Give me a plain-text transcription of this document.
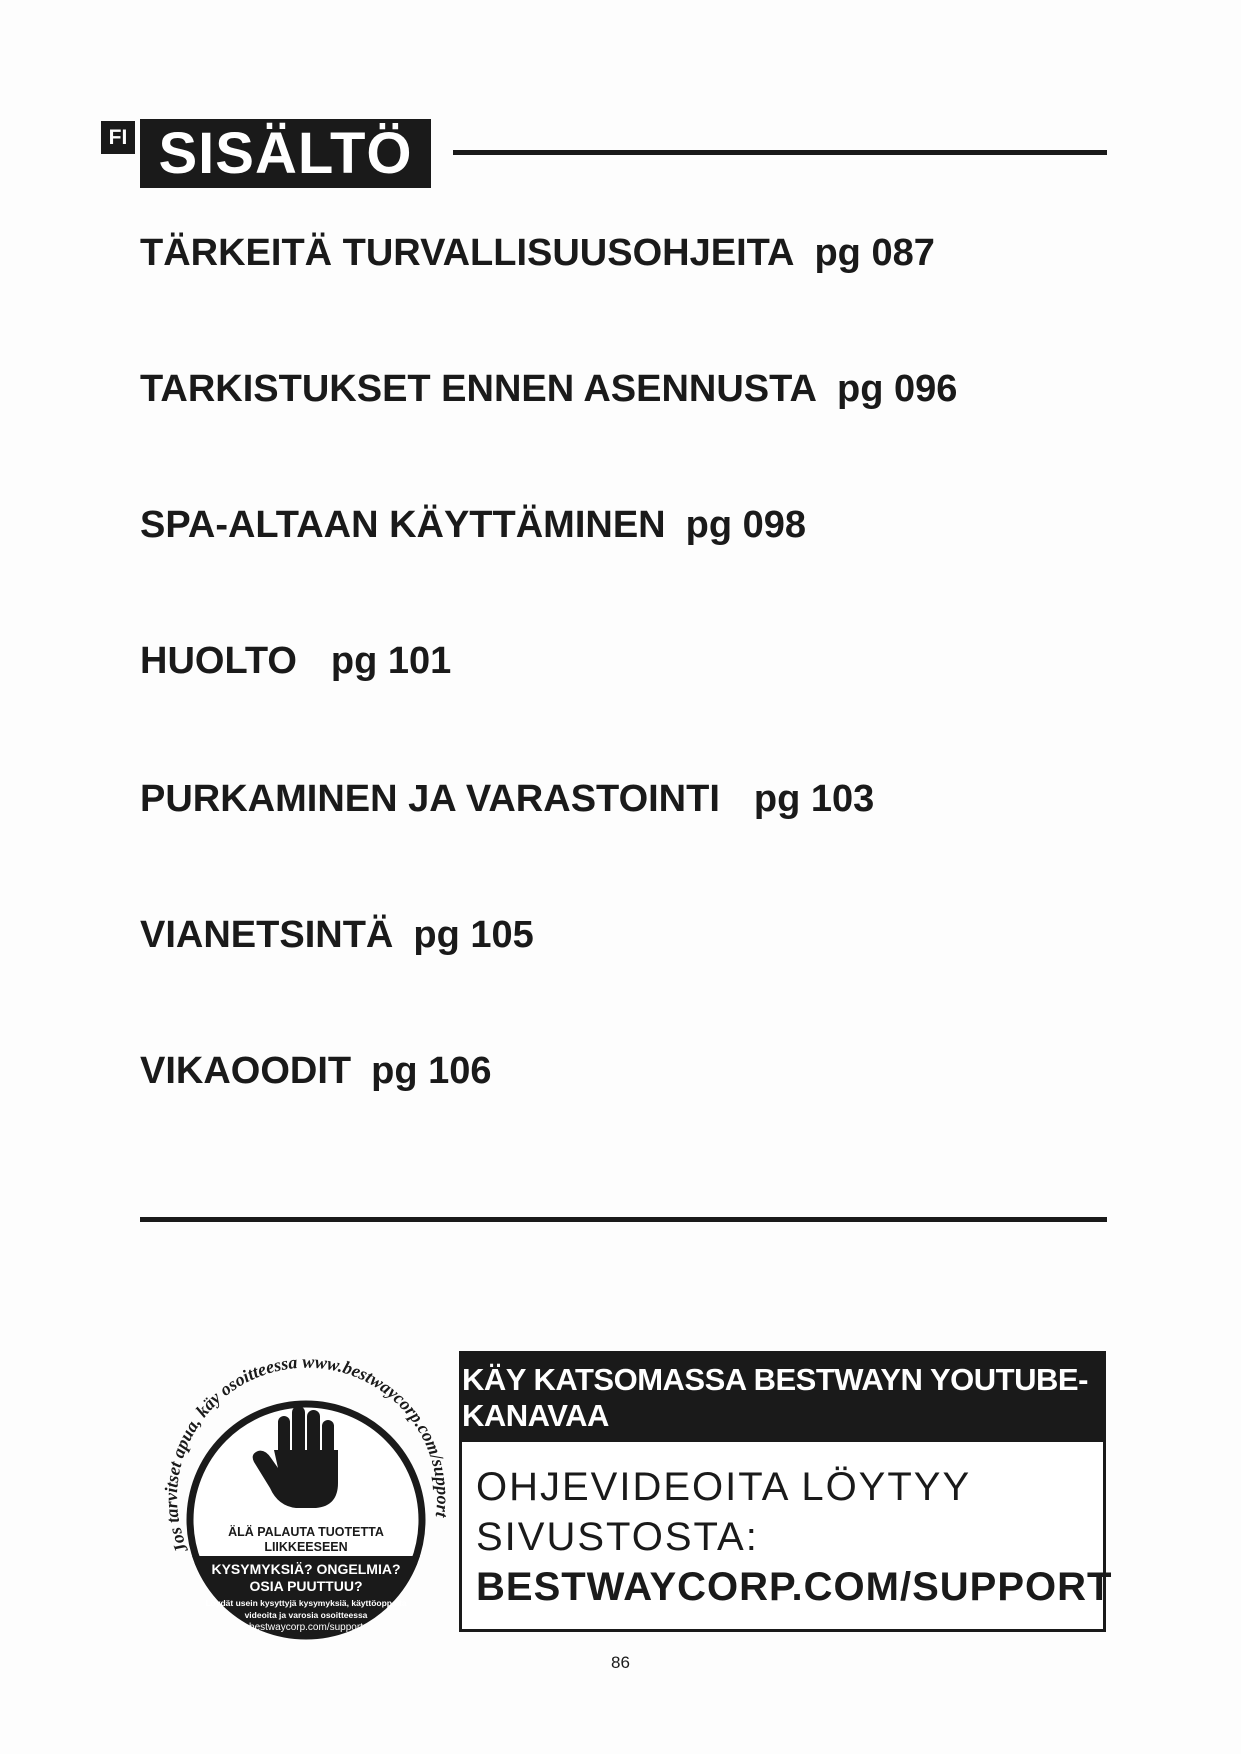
FI SISÄLTÖ
TÄRKEITÄ TURVALLISUUSOHJEITA pg 087
TARKISTUKSET ENNEN ASENNUSTA pg 096
SPA-ALTAAN KÄYTTÄMINEN pg 098
HUOLTO pg 101
PURKAMINEN JA VARASTOINTI pg 103
VIANETSINTÄ pg 105
VIKAOODIT pg 106
Jos tarvitset apua, käy osoitteessa www.bestwaycorp.com/support
ÄLÄ PALAUTA TUOTETTA
LIIKKEESEEN
KYSYMYKSIÄ? ONGELMIA?
OSIA PUUTTUU?
Löydät usein kysyttyjä kysymyksiä, käyttöoppaita
videoita ja varosia osoitteessa
bestwaycorp.com/support
KÄY KATSOMASSA BESTWAYN YOUTUBE-KANAVAA
OHJEVIDEOITA LÖYTYY
SIVUSTOSTA:
BESTWAYCORP.COM/SUPPORT
86
